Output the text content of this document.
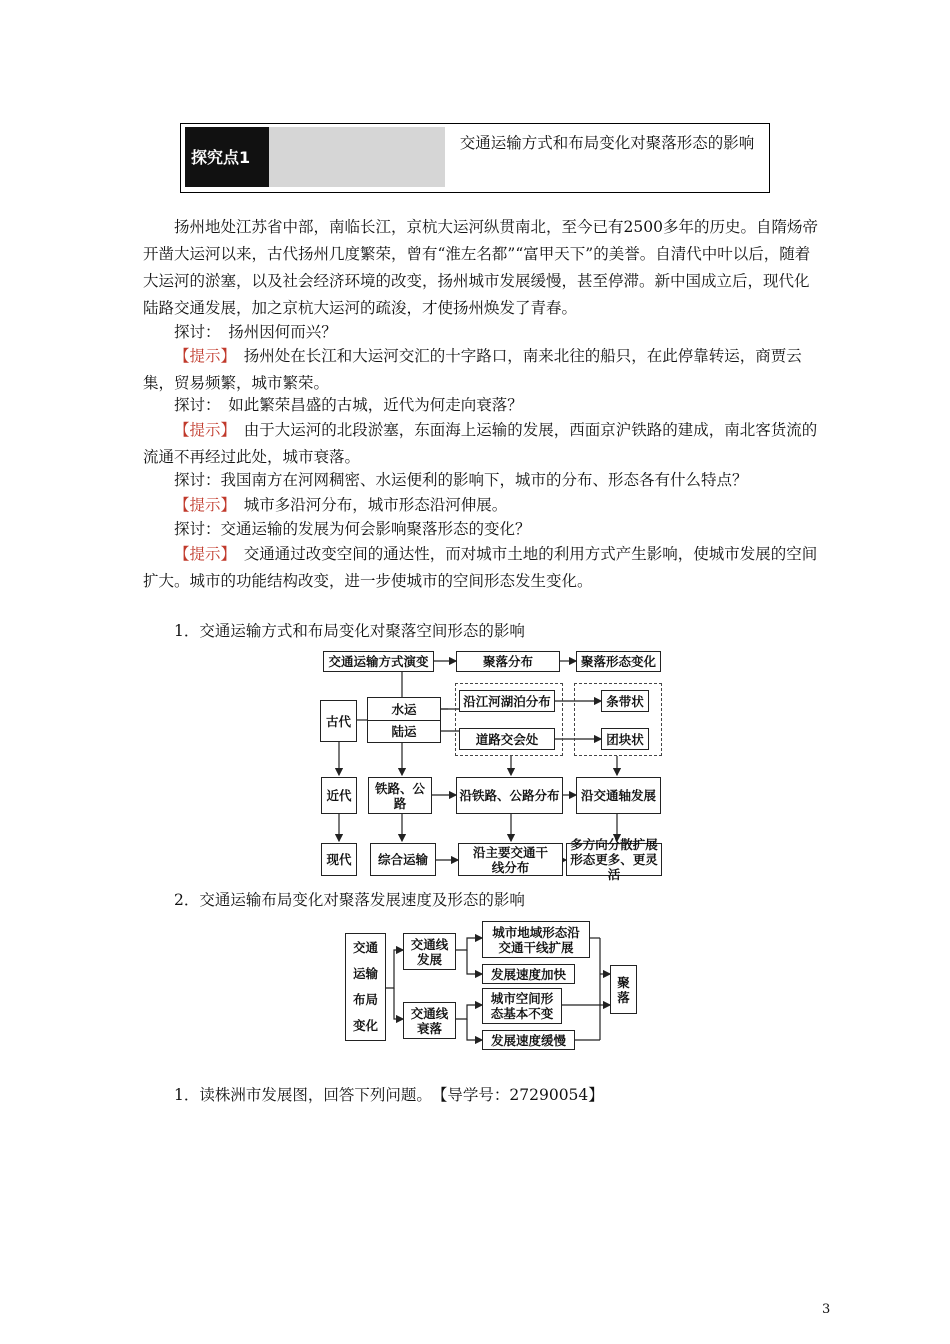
探究点1
交通运输方式和布局变化对聚落形态的影响

扬州地处江苏省中部，南临长江，京杭大运河纵贯南北，至今已有2500多年的历史。自隋炀帝开凿大运河以来，古代扬州几度繁荣，曾有“淮左名都”“富甲天下”的美誉。自清代中叶以后，随着大运河的淤塞，以及社会经济环境的改变，扬州城市发展缓慢，甚至停滞。新中国成立后，现代化陆路交通发展，加之京杭大运河的疏浚，才使扬州焕发了青春。

探讨：　扬州因何而兴？

【提示】　 扬州处在长江和大运河交汇的十字路口，南来北往的船只，在此停靠转运，商贾云集，贸易频繁，城市繁荣。

探讨：　如此繁荣昌盛的古城，近代为何走向衰落？

【提示】　 由于大运河的北段淤塞，东面海上运输的发展，西面京沪铁路的建成，南北客货流的流通不再经过此处，城市衰落。

探讨：我国南方在河网稠密、水运便利的影响下，城市的分布、形态各有什么特点？

【提示】　 城市多沿河分布，城市形态沿河伸展。

探讨：交通运输的发展为何会影响聚落形态的变化？

【提示】　 交通通过改变空间的通达性，而对城市土地的利用方式产生影响，使城市发展的空间扩大。城市的功能结构改变，进一步使城市的空间形态发生变化。

1．交通运输方式和布局变化对聚落空间形态的影响

交通运输方式演变	聚落分布	聚落形态变化
古代
水运
陆运
沿江河湖泊分布
道路交会处
条带状
团块状
近代	铁路、公路	沿铁路、公路分布	沿交通轴发展
现代	综合运输	沿主要交通干线分布
多方向分散扩展形态更多、更灵活

2．交通运输布局变化对聚落发展速度及形态的影响

交通运输布局变化
交通线发展
交通线衰落
城市地域形态沿交通干线扩展
发展速度加快
城市空间形态基本不变
发展速度缓慢
聚落

1．读株洲市发展图，回答下列问题。　 【导学号：27290054】

3
